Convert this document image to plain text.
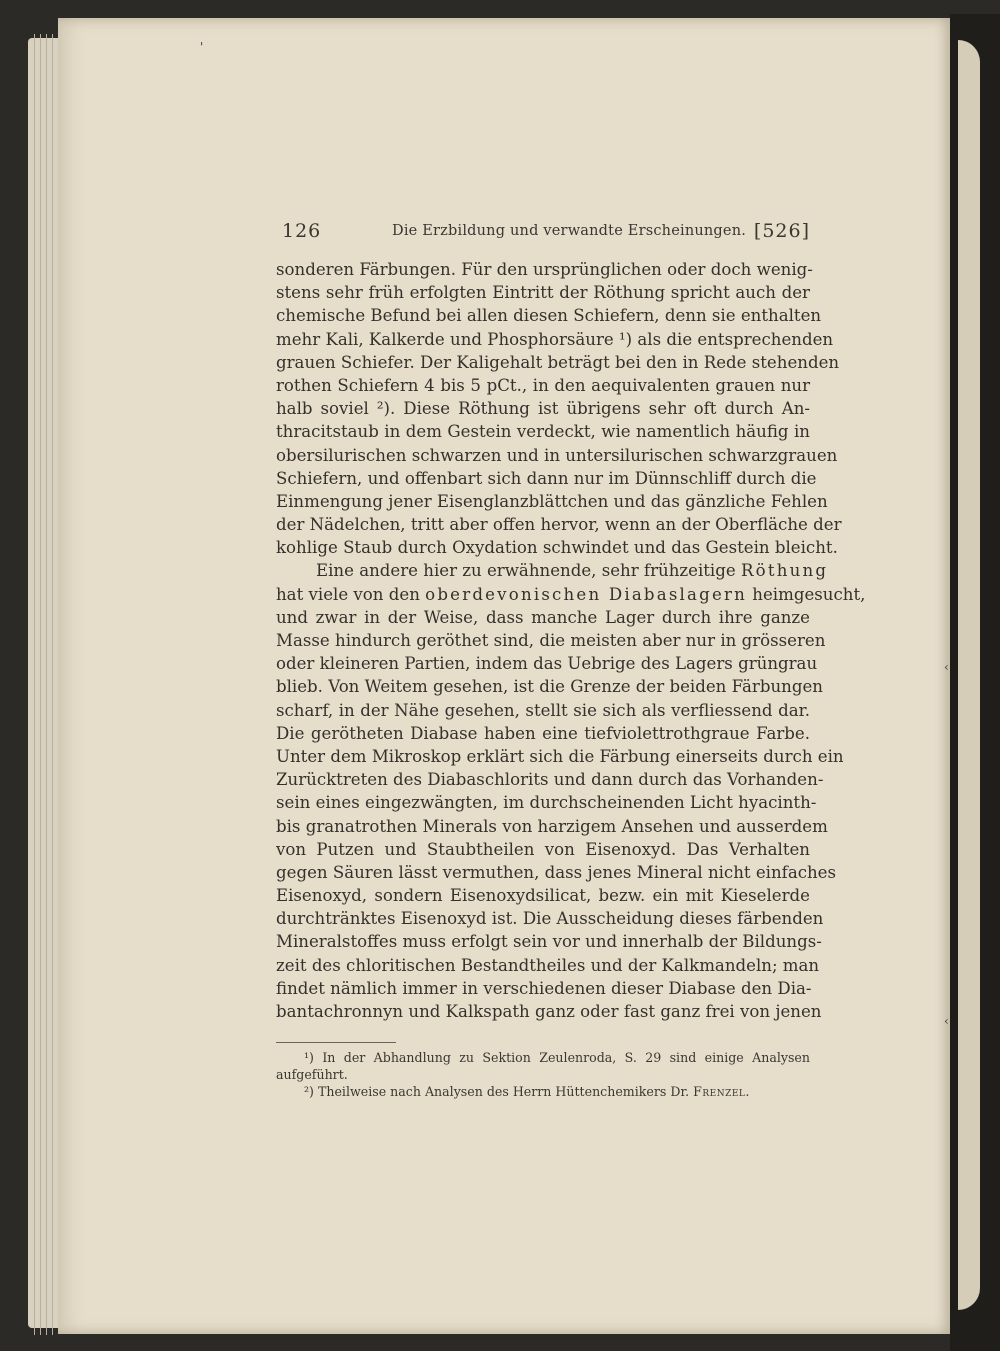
'
126	Die Erzbildung und verwandte Erscheinungen. [526]
sonderen Färbungen. Für den ursprünglichen oder doch wenig-
stens sehr früh erfolgten Eintritt der Röthung spricht auch der
chemische Befund bei allen diesen Schiefern, denn sie enthalten
mehr Kali, Kalkerde und Phosphorsäure ¹) als die entsprechenden
grauen Schiefer. Der Kaligehalt beträgt bei den in Rede stehenden
rothen Schiefern 4 bis 5 pCt., in den aequivalenten grauen nur
halb soviel ²). Diese Röthung ist übrigens sehr oft durch An-
thracitstaub in dem Gestein verdeckt, wie namentlich häufig in
obersilurischen schwarzen und in untersilurischen schwarzgrauen
Schiefern, und offenbart sich dann nur im Dünnschliff durch die
Einmengung jener Eisenglanzblättchen und das gänzliche Fehlen
der Nädelchen, tritt aber offen hervor, wenn an der Oberfläche der
kohlige Staub durch Oxydation schwindet und das Gestein bleicht.
Eine andere hier zu erwähnende, sehr frühzeitige Röthung
hat viele von den oberdevonischen Diabaslagern heimgesucht,
und zwar in der Weise, dass manche Lager durch ihre ganze
Masse hindurch geröthet sind, die meisten aber nur in grösseren
oder kleineren Partien, indem das Uebrige des Lagers grüngrau
blieb. Von Weitem gesehen, ist die Grenze der beiden Färbungen
scharf, in der Nähe gesehen, stellt sie sich als verfliessend dar.
Die gerötheten Diabase haben eine tiefviolettrothgraue Farbe.
Unter dem Mikroskop erklärt sich die Färbung einerseits durch ein
Zurücktreten des Diabaschlorits und dann durch das Vorhanden-
sein eines eingezwängten, im durchscheinenden Licht hyacinth-
bis granatrothen Minerals von harzigem Ansehen und ausserdem
von Putzen und Staubtheilen von Eisenoxyd. Das Verhalten
gegen Säuren lässt vermuthen, dass jenes Mineral nicht einfaches
Eisenoxyd, sondern Eisenoxydsilicat, bezw. ein mit Kieselerde
durchtränktes Eisenoxyd ist. Die Ausscheidung dieses färbenden
Mineralstoffes muss erfolgt sein vor und innerhalb der Bildungs-
zeit des chloritischen Bestandtheiles und der Kalkmandeln; man
findet nämlich immer in verschiedenen dieser Diabase den Dia-
bantachronnyn und Kalkspath ganz oder fast ganz frei von jenen
¹) In der Abhandlung zu Sektion Zeulenroda, S. 29 sind einige Analysen
aufgeführt.
²) Theilweise nach Analysen des Herrn Hüttenchemikers Dr. Frenzel.
‹
‹
